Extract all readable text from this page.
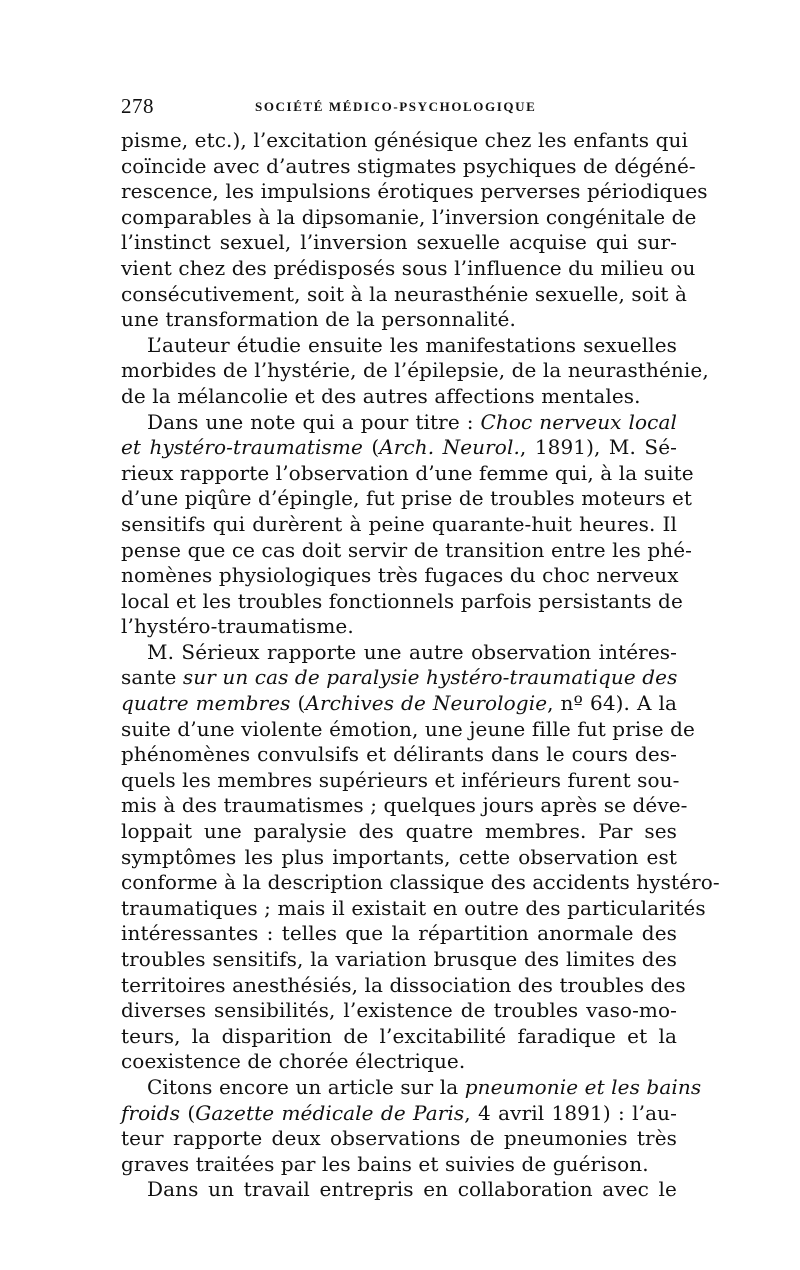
278	SOCIÉTÉ MÉDICO-PSYCHOLOGIQUE
pisme, etc.), l’excitation génésique chez les enfants qui
coïncide avec d’autres stigmates psychiques de dégéné-
rescence, les impulsions érotiques perverses périodiques
comparables à la dipsomanie, l’inversion congénitale de
l’instinct sexuel, l’inversion sexuelle acquise qui sur-
vient chez des prédisposés sous l’influence du milieu ou
consécutivement, soit à la neurasthénie sexuelle, soit à
une transformation de la personnalité.
L’auteur étudie ensuite les manifestations sexuelles
morbides de l’hystérie, de l’épilepsie, de la neurasthénie,
de la mélancolie et des autres affections mentales.
Dans une note qui a pour titre : Choc nerveux local
et hystéro-traumatisme (Arch. Neurol., 1891), M. Sé-
rieux rapporte l’observation d’une femme qui, à la suite
d’une piqûre d’épingle, fut prise de troubles moteurs et
sensitifs qui durèrent à peine quarante-huit heures. Il
pense que ce cas doit servir de transition entre les phé-
nomènes physiologiques très fugaces du choc nerveux
local et les troubles fonctionnels parfois persistants de
l’hystéro-traumatisme.
M. Sérieux rapporte une autre observation intéres-
sante sur un cas de paralysie hystéro-traumatique des
quatre membres (Archives de Neurologie, nº 64). A la
suite d’une violente émotion, une jeune fille fut prise de
phénomènes convulsifs et délirants dans le cours des-
quels les membres supérieurs et inférieurs furent sou-
mis à des traumatismes ; quelques jours après se déve-
loppait une paralysie des quatre membres. Par ses
symptômes les plus importants, cette observation est
conforme à la description classique des accidents hystéro-
traumatiques ; mais il existait en outre des particularités
intéressantes : telles que la répartition anormale des
troubles sensitifs, la variation brusque des limites des
territoires anesthésiés, la dissociation des troubles des
diverses sensibilités, l’existence de troubles vaso-mo-
teurs, la disparition de l’excitabilité faradique et la
coexistence de chorée électrique.
Citons encore un article sur la pneumonie et les bains
froids (Gazette médicale de Paris, 4 avril 1891) : l’au-
teur rapporte deux observations de pneumonies très
graves traitées par les bains et suivies de guérison.
Dans un travail entrepris en collaboration avec le
